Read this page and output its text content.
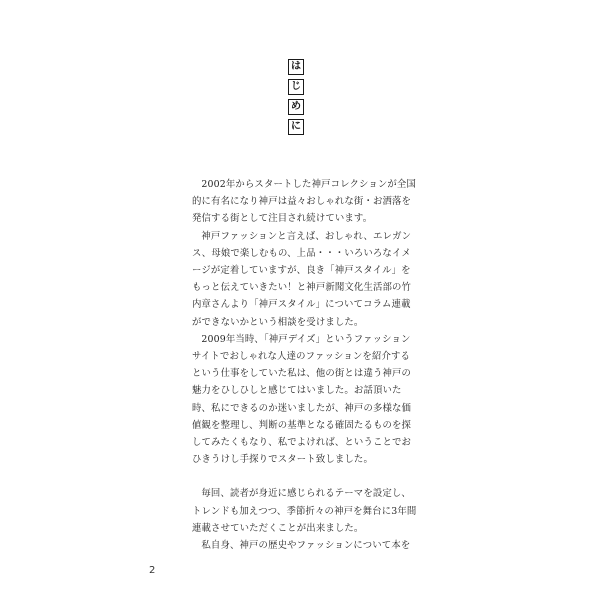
は
じ
め
に

2002年からスタートした神戸コレクションが全国的に有名になり神戸は益々おしゃれな街・お洒落を発信する街として注目され続けています。

神戸ファッションと言えば、おしゃれ、エレガンス、母娘で楽しむもの、上品・・・いろいろなイメージが定着していますが、良き「神戸スタイル」をもっと伝えていきたい！と神戸新聞文化生活部の竹内章さんより「神戸スタイル」についてコラム連載ができないかという相談を受けました。

2009年当時、「神戸デイズ」というファッションサイトでおしゃれな人達のファッションを紹介するという仕事をしていた私は、他の街とは違う神戸の魅力をひしひしと感じてはいました。お話頂いた時、私にできるのか迷いましたが、神戸の多様な価値観を整理し、判断の基準となる確固たるものを探してみたくもなり、私でよければ、ということでおひきうけし手探りでスタート致しました。

毎回、読者が身近に感じられるテーマを設定し、トレンドも加えつつ、季節折々の神戸を舞台に3年間連載させていただくことが出来ました。

私自身、神戸の歴史やファッションについて本を

2
